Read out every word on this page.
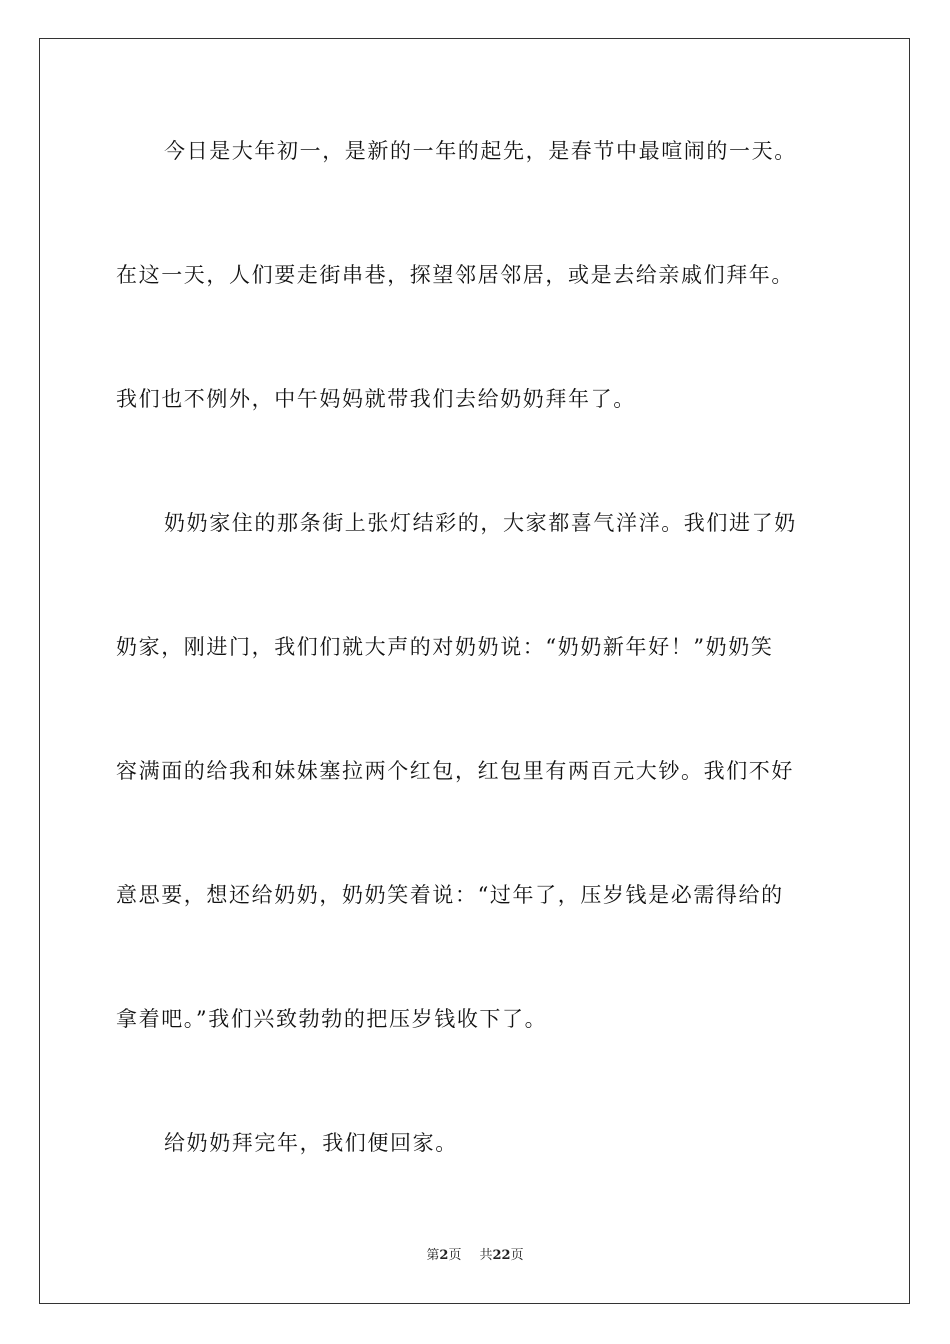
今日是大年初一，是新的一年的起先，是春节中最喧闹的一天。
在这一天，人们要走街串巷，探望邻居邻居，或是去给亲戚们拜年。
我们也不例外，中午妈妈就带我们去给奶奶拜年了。
奶奶家住的那条街上张灯结彩的，大家都喜气洋洋。我们进了奶
奶家，刚进门，我们们就大声的对奶奶说：“奶奶新年好！”奶奶笑
容满面的给我和妹妹塞拉两个红包，红包里有两百元大钞。我们不好
意思要，想还给奶奶，奶奶笑着说：“过年了，压岁钱是必需得给的
拿着吧。”我们兴致勃勃的把压岁钱收下了。
给奶奶拜完年，我们便回家。
第2页 共22页
